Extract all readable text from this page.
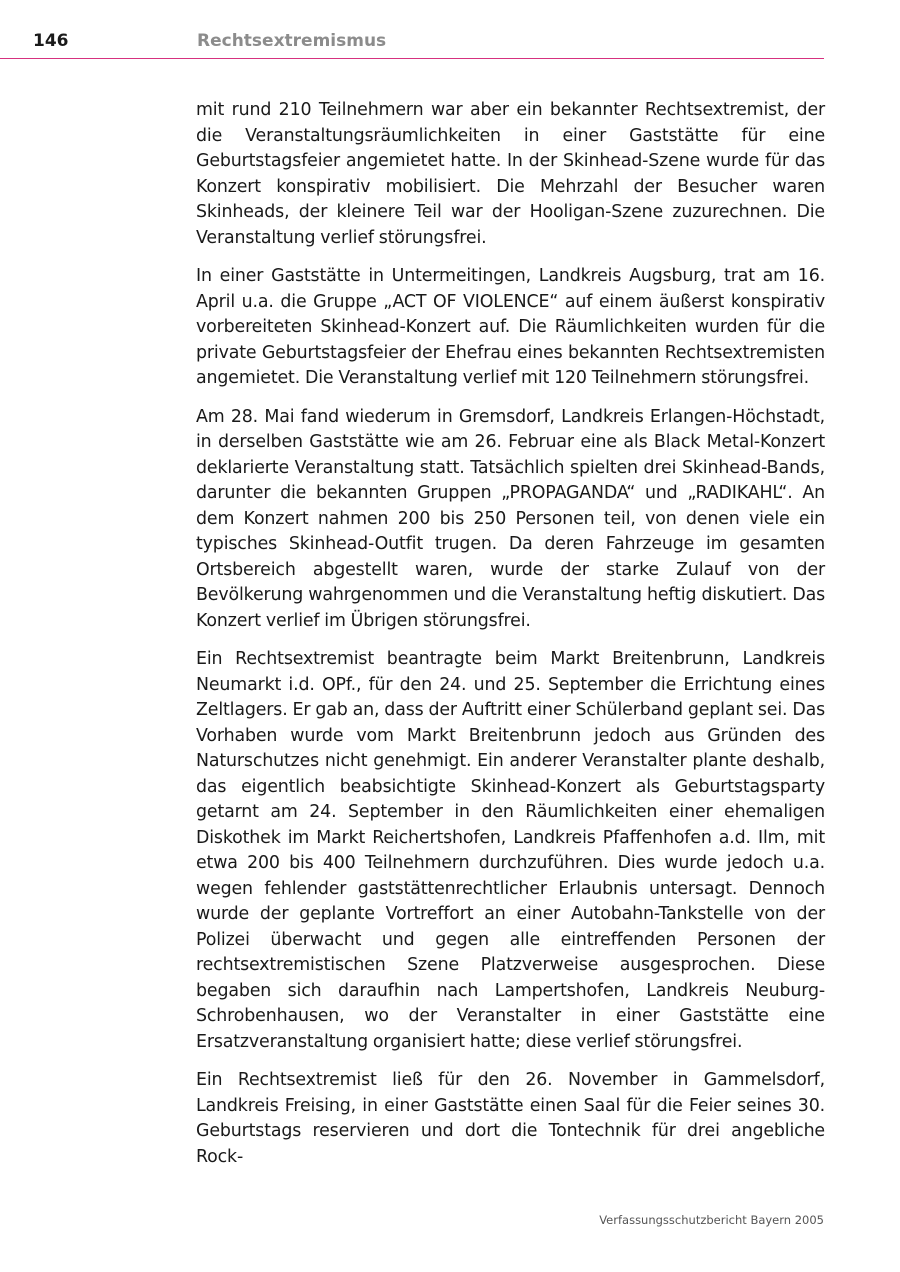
146	Rechtsextremismus

mit rund 210 Teilnehmern war aber ein bekannter Rechtsextremist, der die Veranstaltungsräumlichkeiten in einer Gaststätte für eine Geburtstagsfeier angemietet hatte. In der Skinhead-Szene wurde für das Konzert konspirativ mobilisiert. Die Mehrzahl der Besucher waren Skinheads, der kleinere Teil war der Hooligan-Szene zuzurechnen. Die Veranstaltung verlief störungsfrei.

In einer Gaststätte in Untermeitingen, Landkreis Augsburg, trat am 16. April u.a. die Gruppe „ACT OF VIOLENCE“ auf einem äußerst konspirativ vorbereiteten Skinhead-Konzert auf. Die Räumlichkeiten wurden für die private Geburtstagsfeier der Ehefrau eines bekannten Rechtsextremisten angemietet. Die Veranstaltung verlief mit 120 Teilnehmern störungsfrei.

Am 28. Mai fand wiederum in Gremsdorf, Landkreis Erlangen-Höchstadt, in derselben Gaststätte wie am 26. Februar eine als Black Metal-Konzert deklarierte Veranstaltung statt. Tatsächlich spielten drei Skinhead-Bands, darunter die bekannten Gruppen „PROPAGANDA“ und „RADIKAHL“. An dem Konzert nahmen 200 bis 250 Personen teil, von denen viele ein typisches Skinhead-Outfit trugen. Da deren Fahrzeuge im gesamten Ortsbereich abgestellt waren, wurde der starke Zulauf von der Bevölkerung wahrgenommen und die Veranstaltung heftig diskutiert. Das Konzert verlief im Übrigen störungsfrei.

Ein Rechtsextremist beantragte beim Markt Breitenbrunn, Landkreis Neumarkt i.d. OPf., für den 24. und 25. September die Errichtung eines Zeltlagers. Er gab an, dass der Auftritt einer Schülerband geplant sei. Das Vorhaben wurde vom Markt Breitenbrunn jedoch aus Gründen des Naturschutzes nicht genehmigt. Ein anderer Veranstalter plante deshalb, das eigentlich beabsichtigte Skinhead-Konzert als Geburtstagsparty getarnt am 24. September in den Räumlichkeiten einer ehemaligen Diskothek im Markt Reichertshofen, Landkreis Pfaffenhofen a.d. Ilm, mit etwa 200 bis 400 Teilnehmern durchzuführen. Dies wurde jedoch u.a. wegen fehlender gaststättenrechtlicher Erlaubnis untersagt. Dennoch wurde der geplante Vortreffort an einer Autobahn-Tankstelle von der Polizei überwacht und gegen alle eintreffenden Personen der rechtsextremistischen Szene Platzverweise ausgesprochen. Diese begaben sich daraufhin nach Lampertshofen, Landkreis Neuburg-Schrobenhausen, wo der Veranstalter in einer Gaststätte eine Ersatzveranstaltung organisiert hatte; diese verlief störungsfrei.

Ein Rechtsextremist ließ für den 26. November in Gammelsdorf, Landkreis Freising, in einer Gaststätte einen Saal für die Feier seines 30. Geburtstags reservieren und dort die Tontechnik für drei angebliche Rock-

Verfassungsschutzbericht Bayern 2005
